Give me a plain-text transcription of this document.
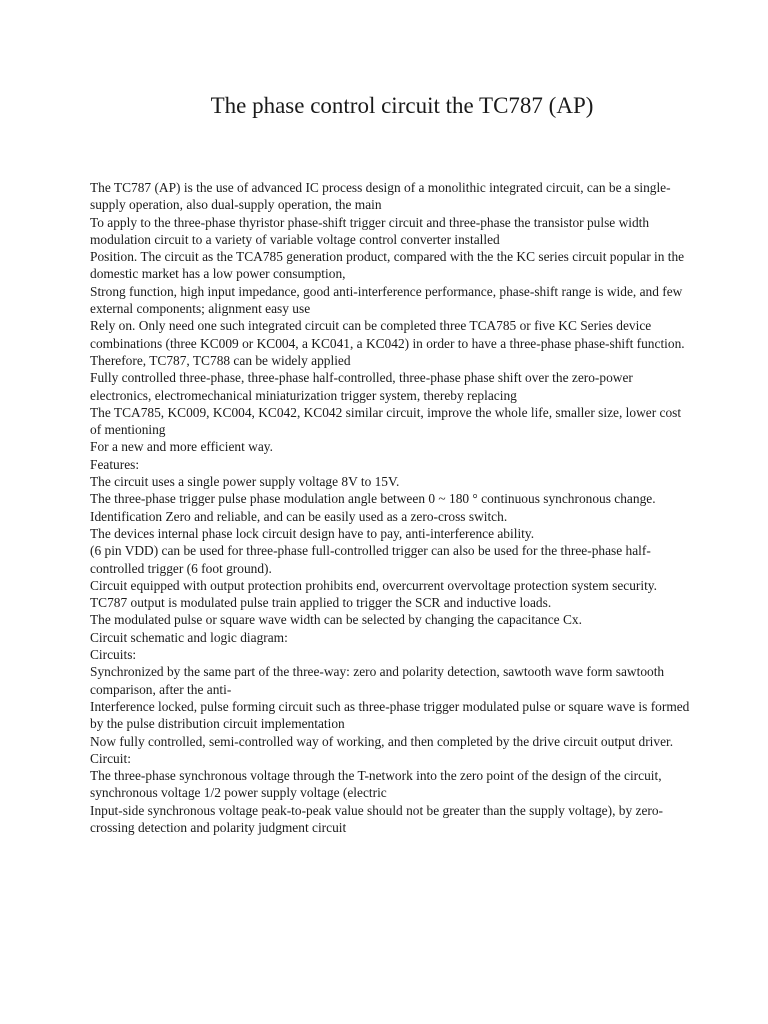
The phase control circuit the TC787 (AP)

The TC787 (AP) is the use of advanced IC process design of a monolithic integrated circuit, can be a single-supply operation, also dual-supply operation, the main

To apply to the three-phase thyristor phase-shift trigger circuit and three-phase the transistor pulse width modulation circuit to a variety of variable voltage control converter installed

Position. The circuit as the TCA785 generation product, compared with the the KC series circuit popular in the domestic market has a low power consumption,

Strong function, high input impedance, good anti-interference performance, phase-shift range is wide, and few external components; alignment easy use

Rely on. Only need one such integrated circuit can be completed three TCA785 or five KC Series device combinations (three KC009 or KC004, a KC041, a KC042) in order to have a three-phase phase-shift function. Therefore, TC787, TC788 can be widely applied

Fully controlled three-phase, three-phase half-controlled, three-phase phase shift over the zero-power electronics, electromechanical miniaturization trigger system, thereby replacing

The TCA785, KC009, KC004, KC042, KC042 similar circuit, improve the whole life, smaller size, lower cost of mentioning

For a new and more efficient way.

Features:

The circuit uses a single power supply voltage 8V to 15V.

The three-phase trigger pulse phase modulation angle between 0 ~ 180 ° continuous synchronous change.

Identification Zero and reliable, and can be easily used as a zero-cross switch.

The devices internal phase lock circuit design have to pay, anti-interference ability.

(6 pin VDD) can be used for three-phase full-controlled trigger can also be used for the three-phase half-controlled trigger (6 foot ground).

Circuit equipped with output protection prohibits end, overcurrent overvoltage protection system security.

TC787 output is modulated pulse train applied to trigger the SCR and inductive loads.

The modulated pulse or square wave width can be selected by changing the capacitance Cx.

Circuit schematic and logic diagram:

Circuits:

Synchronized by the same part of the three-way: zero and polarity detection, sawtooth wave form sawtooth comparison, after the anti-

Interference locked, pulse forming circuit such as three-phase trigger modulated pulse or square wave is formed by the pulse distribution circuit implementation

Now fully controlled, semi-controlled way of working, and then completed by the drive circuit output driver.

Circuit:

The three-phase synchronous voltage through the T-network into the zero point of the design of the circuit, synchronous voltage 1/2 power supply voltage (electric

Input-side synchronous voltage peak-to-peak value should not be greater than the supply voltage), by zero-crossing detection and polarity judgment circuit
